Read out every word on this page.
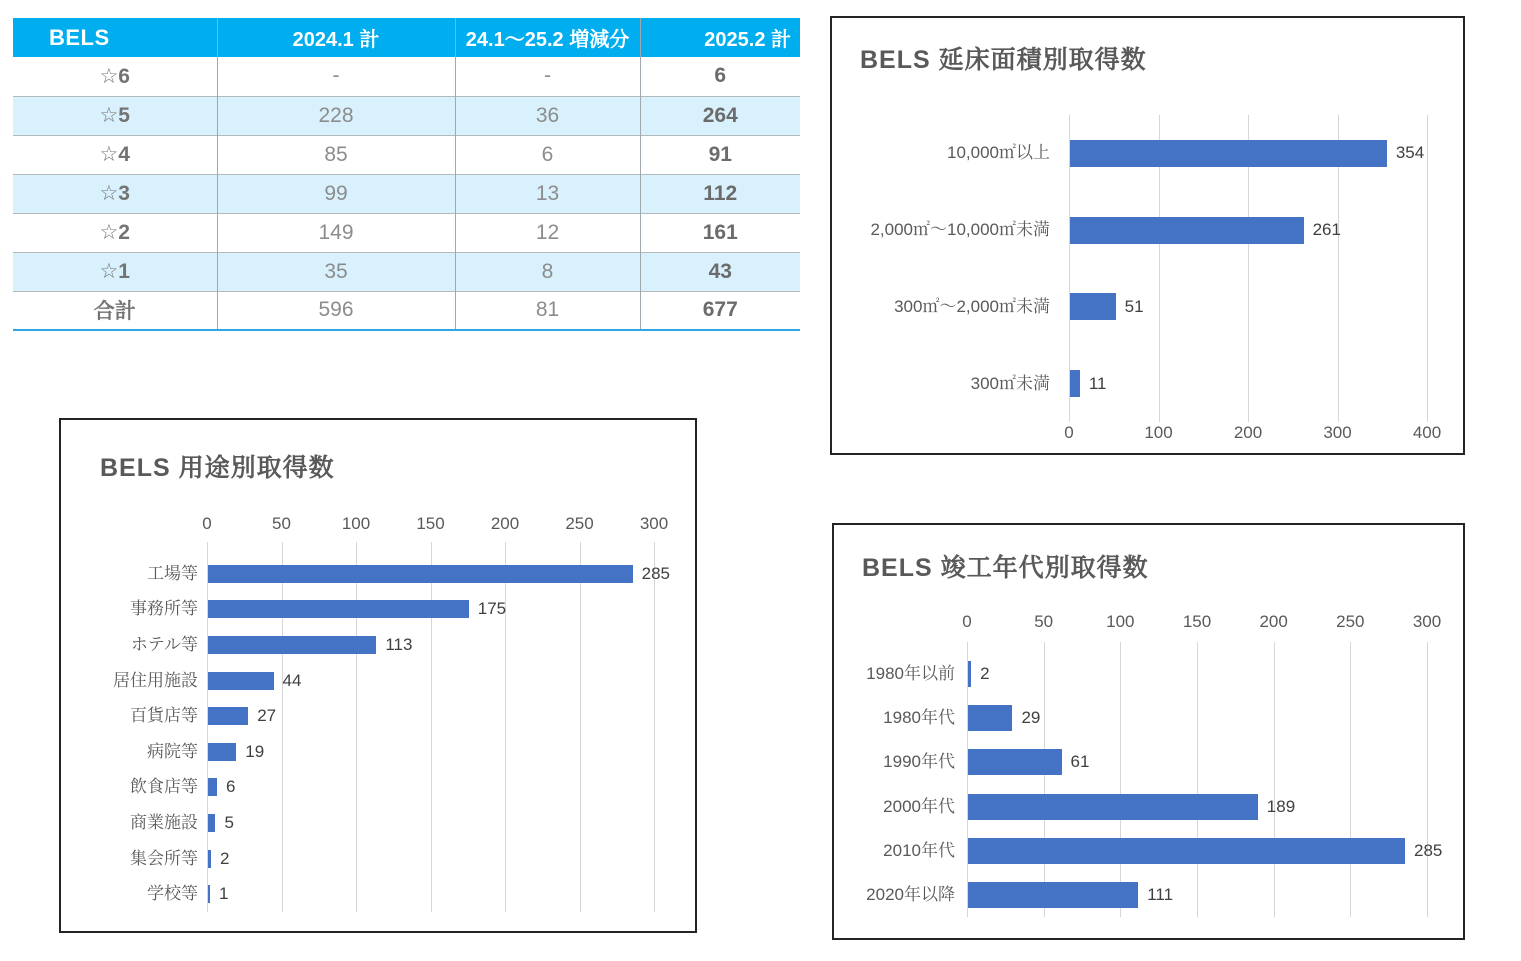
BELS	2024.1 計	24.1〜25.2 増減分	2025.2 計
☆6	-	-	6
☆5	228	36	264
☆4	85	6	91
☆3	99	13	112
☆2	149	12	161
☆1	35	8	43
合計	596	81	677
BELS 延床面積別取得数
0	100	200	300	400
10,000㎡以上	354
2,000㎡〜10,000㎡未満	261
300㎡〜2,000㎡未満	51
300㎡未満 11
BELS 用途別取得数
0	50	100	150	200	250	300
工場等	285
事務所等	175
ホテル等	113
居住用施設	44
百貨店等	27
病院等	19
飲食店等 6
商業施設 5
集会所等 2
学校等 1
BELS 竣工年代別取得数
0	50	100	150	200	250	300
1980年以前 2
1980年代	29
1990年代	61
2000年代	189
2010年代	285
2020年以降	111
